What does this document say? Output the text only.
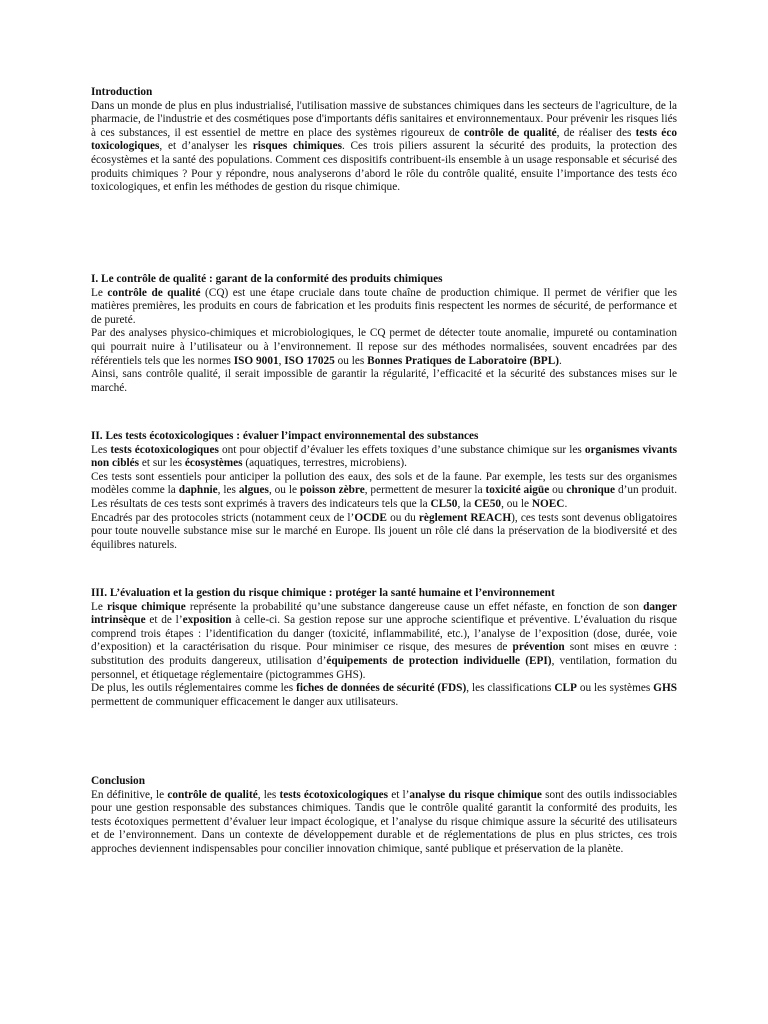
Introduction

Dans un monde de plus en plus industrialisé, l'utilisation massive de substances chimiques dans les secteurs de l'agriculture, de la pharmacie, de l'industrie et des cosmétiques pose d'importants défis sanitaires et environnementaux. Pour prévenir les risques liés à ces substances, il est essentiel de mettre en place des systèmes rigoureux de contrôle de qualité, de réaliser des tests éco toxicologiques, et d’analyser les risques chimiques. Ces trois piliers assurent la sécurité des produits, la protection des écosystèmes et la santé des populations. Comment ces dispositifs contribuent-ils ensemble à un usage responsable et sécurisé des produits chimiques ? Pour y répondre, nous analyserons d’abord le rôle du contrôle qualité, ensuite l’importance des tests éco toxicologiques, et enfin les méthodes de gestion du risque chimique.

I. Le contrôle de qualité : garant de la conformité des produits chimiques

Le contrôle de qualité (CQ) est une étape cruciale dans toute chaîne de production chimique. Il permet de vérifier que les matières premières, les produits en cours de fabrication et les produits finis respectent les normes de sécurité, de performance et de pureté.

Par des analyses physico-chimiques et microbiologiques, le CQ permet de détecter toute anomalie, impureté ou contamination qui pourrait nuire à l’utilisateur ou à l’environnement. Il repose sur des méthodes normalisées, souvent encadrées par des référentiels tels que les normes ISO 9001, ISO 17025 ou les Bonnes Pratiques de Laboratoire (BPL).

Ainsi, sans contrôle qualité, il serait impossible de garantir la régularité, l’efficacité et la sécurité des substances mises sur le marché.

II. Les tests écotoxicologiques : évaluer l’impact environnemental des substances

Les tests écotoxicologiques ont pour objectif d’évaluer les effets toxiques d’une substance chimique sur les organismes vivants non ciblés et sur les écosystèmes (aquatiques, terrestres, microbiens).

Ces tests sont essentiels pour anticiper la pollution des eaux, des sols et de la faune. Par exemple, les tests sur des organismes modèles comme la daphnie, les algues, ou le poisson zèbre, permettent de mesurer la toxicité aigüe ou chronique d’un produit. Les résultats de ces tests sont exprimés à travers des indicateurs tels que la CL50, la CE50, ou le NOEC.

Encadrés par des protocoles stricts (notamment ceux de l’OCDE ou du règlement REACH), ces tests sont devenus obligatoires pour toute nouvelle substance mise sur le marché en Europe. Ils jouent un rôle clé dans la préservation de la biodiversité et des équilibres naturels.

III. L’évaluation et la gestion du risque chimique : protéger la santé humaine et l’environnement

Le risque chimique représente la probabilité qu’une substance dangereuse cause un effet néfaste, en fonction de son danger intrinsèque et de l’exposition à celle-ci. Sa gestion repose sur une approche scientifique et préventive. L’évaluation du risque comprend trois étapes : l’identification du danger (toxicité, inflammabilité, etc.), l’analyse de l’exposition (dose, durée, voie d’exposition) et la caractérisation du risque. Pour minimiser ce risque, des mesures de prévention sont mises en œuvre : substitution des produits dangereux, utilisation d’équipements de protection individuelle (EPI), ventilation, formation du personnel, et étiquetage réglementaire (pictogrammes GHS).

De plus, les outils réglementaires comme les fiches de données de sécurité (FDS), les classifications CLP ou les systèmes GHS permettent de communiquer efficacement le danger aux utilisateurs.

Conclusion

En définitive, le contrôle de qualité, les tests écotoxicologiques et l’analyse du risque chimique sont des outils indissociables pour une gestion responsable des substances chimiques. Tandis que le contrôle qualité garantit la conformité des produits, les tests écotoxiques permettent d’évaluer leur impact écologique, et l’analyse du risque chimique assure la sécurité des utilisateurs et de l’environnement. Dans un contexte de développement durable et de réglementations de plus en plus strictes, ces trois approches deviennent indispensables pour concilier innovation chimique, santé publique et préservation de la planète.
